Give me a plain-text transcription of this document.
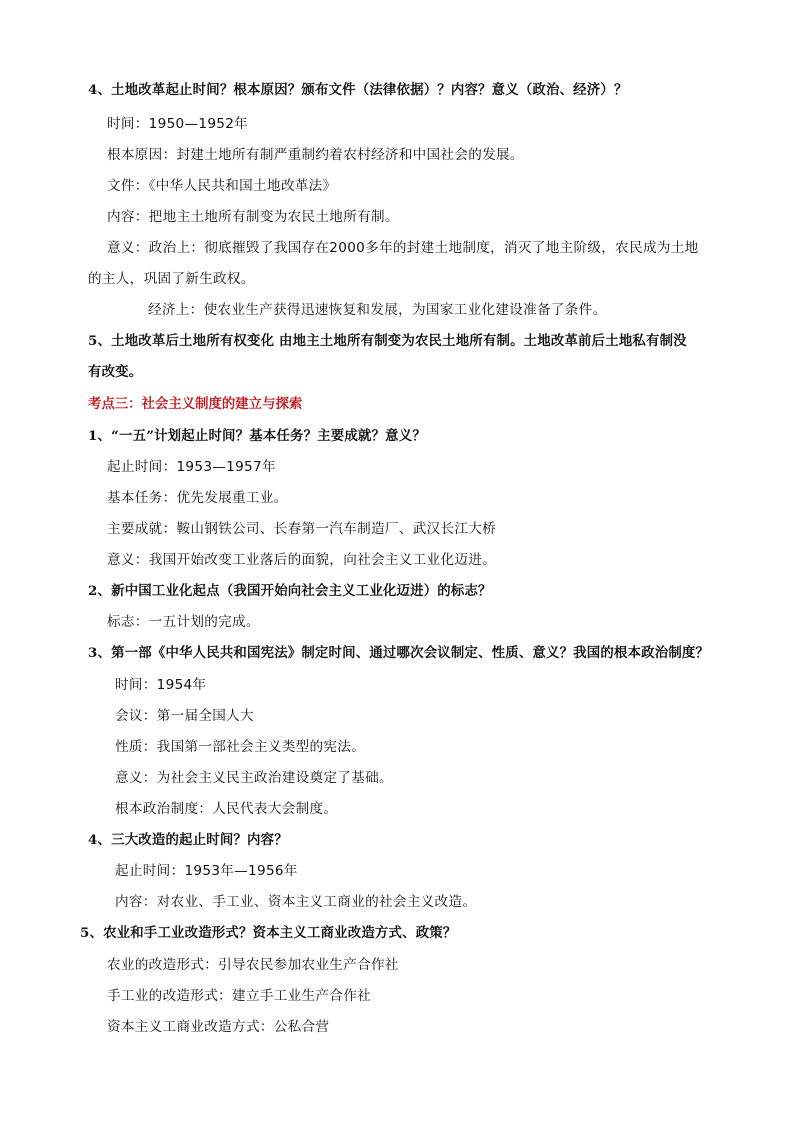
4、土地改革起止时间？根本原因？颁布文件（法律依据）？内容？意义（政治、经济）？
时间：1950—1952年
根本原因：封建土地所有制严重制约着农村经济和中国社会的发展。
文件：《中华人民共和国土地改革法》
内容：把地主土地所有制变为农民土地所有制。
意义：政治上：彻底摧毁了我国存在2000多年的封建土地制度，消灭了地主阶级，农民成为土地
的主人，巩固了新生政权。
经济上：使农业生产获得迅速恢复和发展，为国家工业化建设准备了条件。
5、土地改革后土地所有权变化 由地主土地所有制变为农民土地所有制。土地改革前后土地私有制没
有改变。
考点三：社会主义制度的建立与探索
1、“一五”计划起止时间？基本任务？主要成就？意义？
起止时间：1953—1957年
基本任务：优先发展重工业。
主要成就：鞍山钢铁公司、长春第一汽车制造厂、武汉长江大桥
意义：我国开始改变工业落后的面貌，向社会主义工业化迈进。
2、新中国工业化起点（我国开始向社会主义工业化迈进）的标志？
标志：一五计划的完成。
3、第一部《中华人民共和国宪法》制定时间、通过哪次会议制定、性质、意义？我国的根本政治制度？
时间：1954年
会议：第一届全国人大
性质：我国第一部社会主义类型的宪法。
意义：为社会主义民主政治建设奠定了基础。
根本政治制度：人民代表大会制度。
4、三大改造的起止时间？内容？
起止时间：1953年—1956年
内容：对农业、手工业、资本主义工商业的社会主义改造。
5、农业和手工业改造形式？资本主义工商业改造方式、政策？
农业的改造形式：引导农民参加农业生产合作社
手工业的改造形式：建立手工业生产合作社
资本主义工商业改造方式：公私合营
